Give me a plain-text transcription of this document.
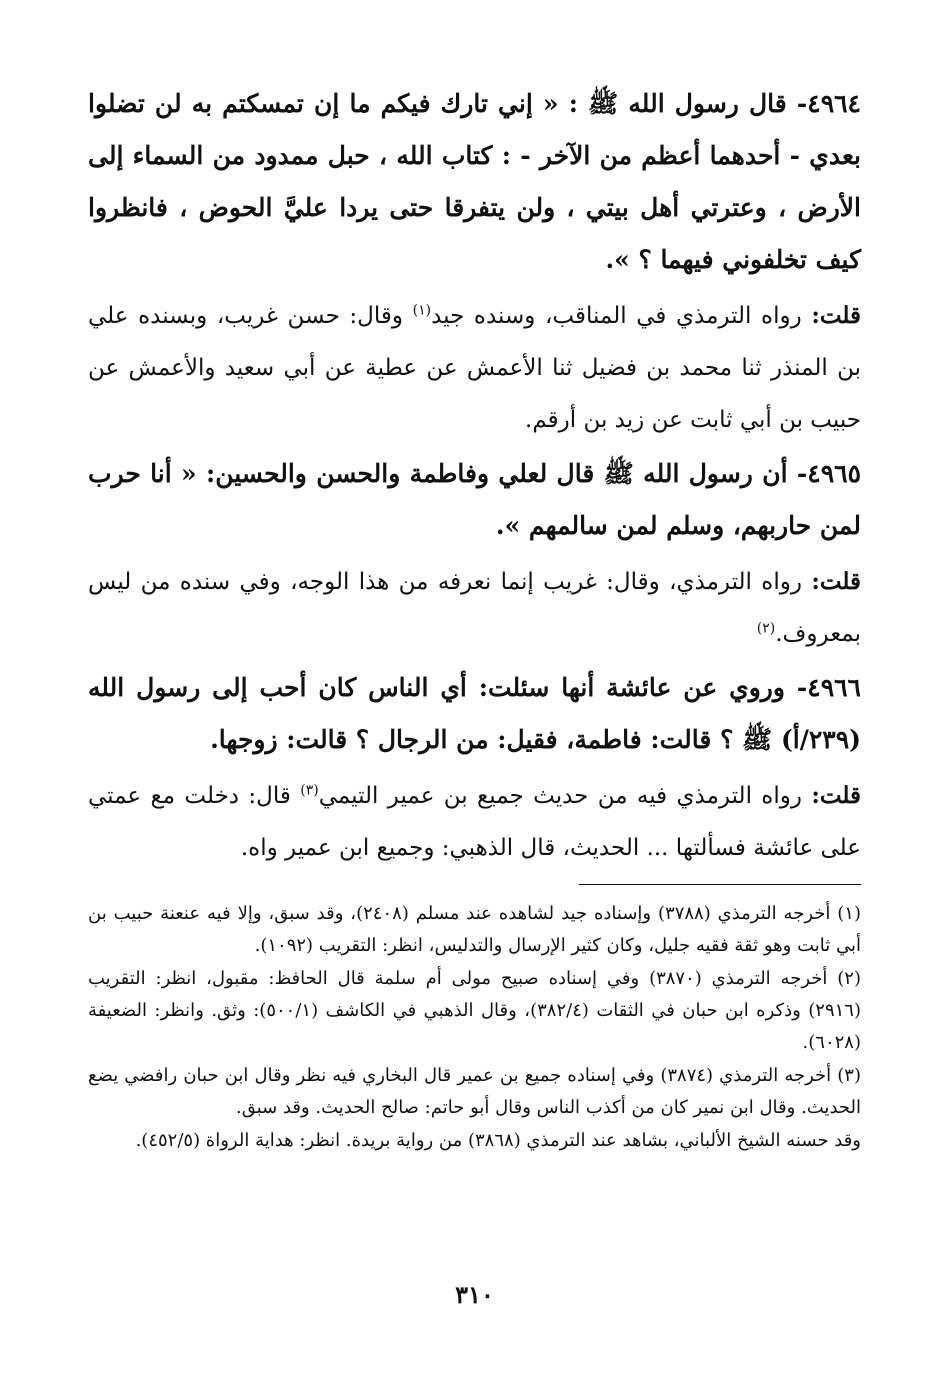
٤٩٦٤- قال رسول الله ﷺ : « إني تارك فيكم ما إن تمسكتم به لن تضلوا بعدي - أحدهما أعظم من الآخر - : كتاب الله ، حبل ممدود من السماء إلى الأرض ، وعترتي أهل بيتي ، ولن يتفرقا حتى يردا عليَّ الحوض ، فانظروا كيف تخلفوني فيهما ؟ ».

قلت: رواه الترمذي في المناقب، وسنده جيد$^{(١)}$ وقال: حسن غريب، وبسنده علي بن المنذر ثنا محمد بن فضيل ثنا الأعمش عن عطية عن أبي سعيد والأعمش عن حبيب بن أبي ثابت عن زيد بن أرقم.

٤٩٦٥- أن رسول الله ﷺ قال لعلي وفاطمة والحسن والحسين: « أنا حرب لمن حاربهم، وسلم لمن سالمهم ».

قلت: رواه الترمذي، وقال: غريب إنما نعرفه من هذا الوجه، وفي سنده من ليس بمعروف.$^{(٢)}$

٤٩٦٦- وروي عن عائشة أنها سئلت: أي الناس كان أحب إلى رسول الله (٢٣٩/أ) ﷺ ؟ قالت: فاطمة، فقيل: من الرجال ؟ قالت: زوجها.

قلت: رواه الترمذي فيه من حديث جميع بن عمير التيمي$^{(٣)}$ قال: دخلت مع عمتي على عائشة فسألتها ... الحديث، قال الذهبي: وجميع ابن عمير واه.

(١) أخرجه الترمذي (٣٧٨٨) وإسناده جيد لشاهده عند مسلم (٢٤٠٨)، وقد سبق، وإلا فيه عنعنة حبيب بن أبي ثابت وهو ثقة فقيه جليل، وكان كثير الإرسال والتدليس، انظر: التقريب (١٠٩٢).

(٢) أخرجه الترمذي (٣٨٧٠) وفي إسناده صبيح مولى أم سلمة قال الحافظ: مقبول، انظر: التقريب (٢٩١٦) وذكره ابن حبان في الثقات (٣٨٢/٤)، وقال الذهبي في الكاشف (٥٠٠/١): وثق. وانظر: الضعيفة (٦٠٢٨).

(٣) أخرجه الترمذي (٣٨٧٤) وفي إسناده جميع بن عمير قال البخاري فيه نظر وقال ابن حبان رافضي يضع الحديث. وقال ابن نمير كان من أكذب الناس وقال أبو حاتم: صالح الحديث. وقد سبق.

وقد حسنه الشيخ الألباني، بشاهد عند الترمذي (٣٨٦٨) من رواية بريدة. انظر: هداية الرواة (٤٥٢/٥).

٣١٠
